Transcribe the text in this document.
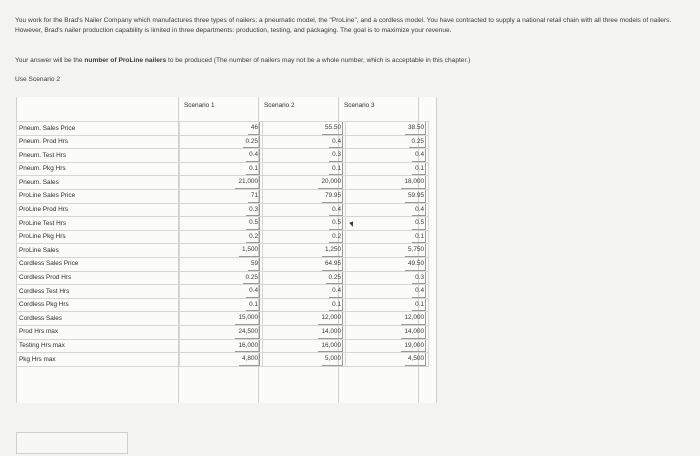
You work for the Brad's Nailer Company which manufactures three types of nailers: a pneumatic model, the "ProLine", and a cordless model. You have contracted to supply a national retail chain with all three models of nailers. However, Brad's nailer production capability is limited in three departments: production, testing, and packaging. The goal is to maximize your revenue.
Your answer will be the number of ProLine nailers to be produced (The number of nailers may not be a whole number, which is acceptable in this chapter.)
Use Scenario 2
Scenario 1	Scenario 2	Scenario 3
Pneum. Sales Price	46	55.50	38.50
Pneum. Prod Hrs	0.25	0.4	0.25
Pneum. Test Hrs	0.4	0.3	0.4
Pneum. Pkg Hrs	0.1	0.1	0.1
Pneum. Sales	21,000	20,000	18,000
ProLine Sales Price	71	79.95	59.95
ProLine Prod Hrs	0.3	0.4	0.4
ProLine Test Hrs	0.5	0.5	0.5
ProLine Pkg Hrs	0.2	0.2	0.1
ProLine Sales	1,500	1,250	5,750
Cordless Sales Price	59	64.95	49.50
Cordless Prod Hrs	0.25	0.25	0.3
Cordless Test Hrs	0.4	0.4	0.4
Cordless Pkg Hrs	0.1	0.1	0.1
Cordless Sales	15,000	12,000	12,000
Prod Hrs max	24,500	14,000	14,000
Testing Hrs max	16,000	16,000	19,000
Pkg Hrs max	4,800	5,000	4,500
